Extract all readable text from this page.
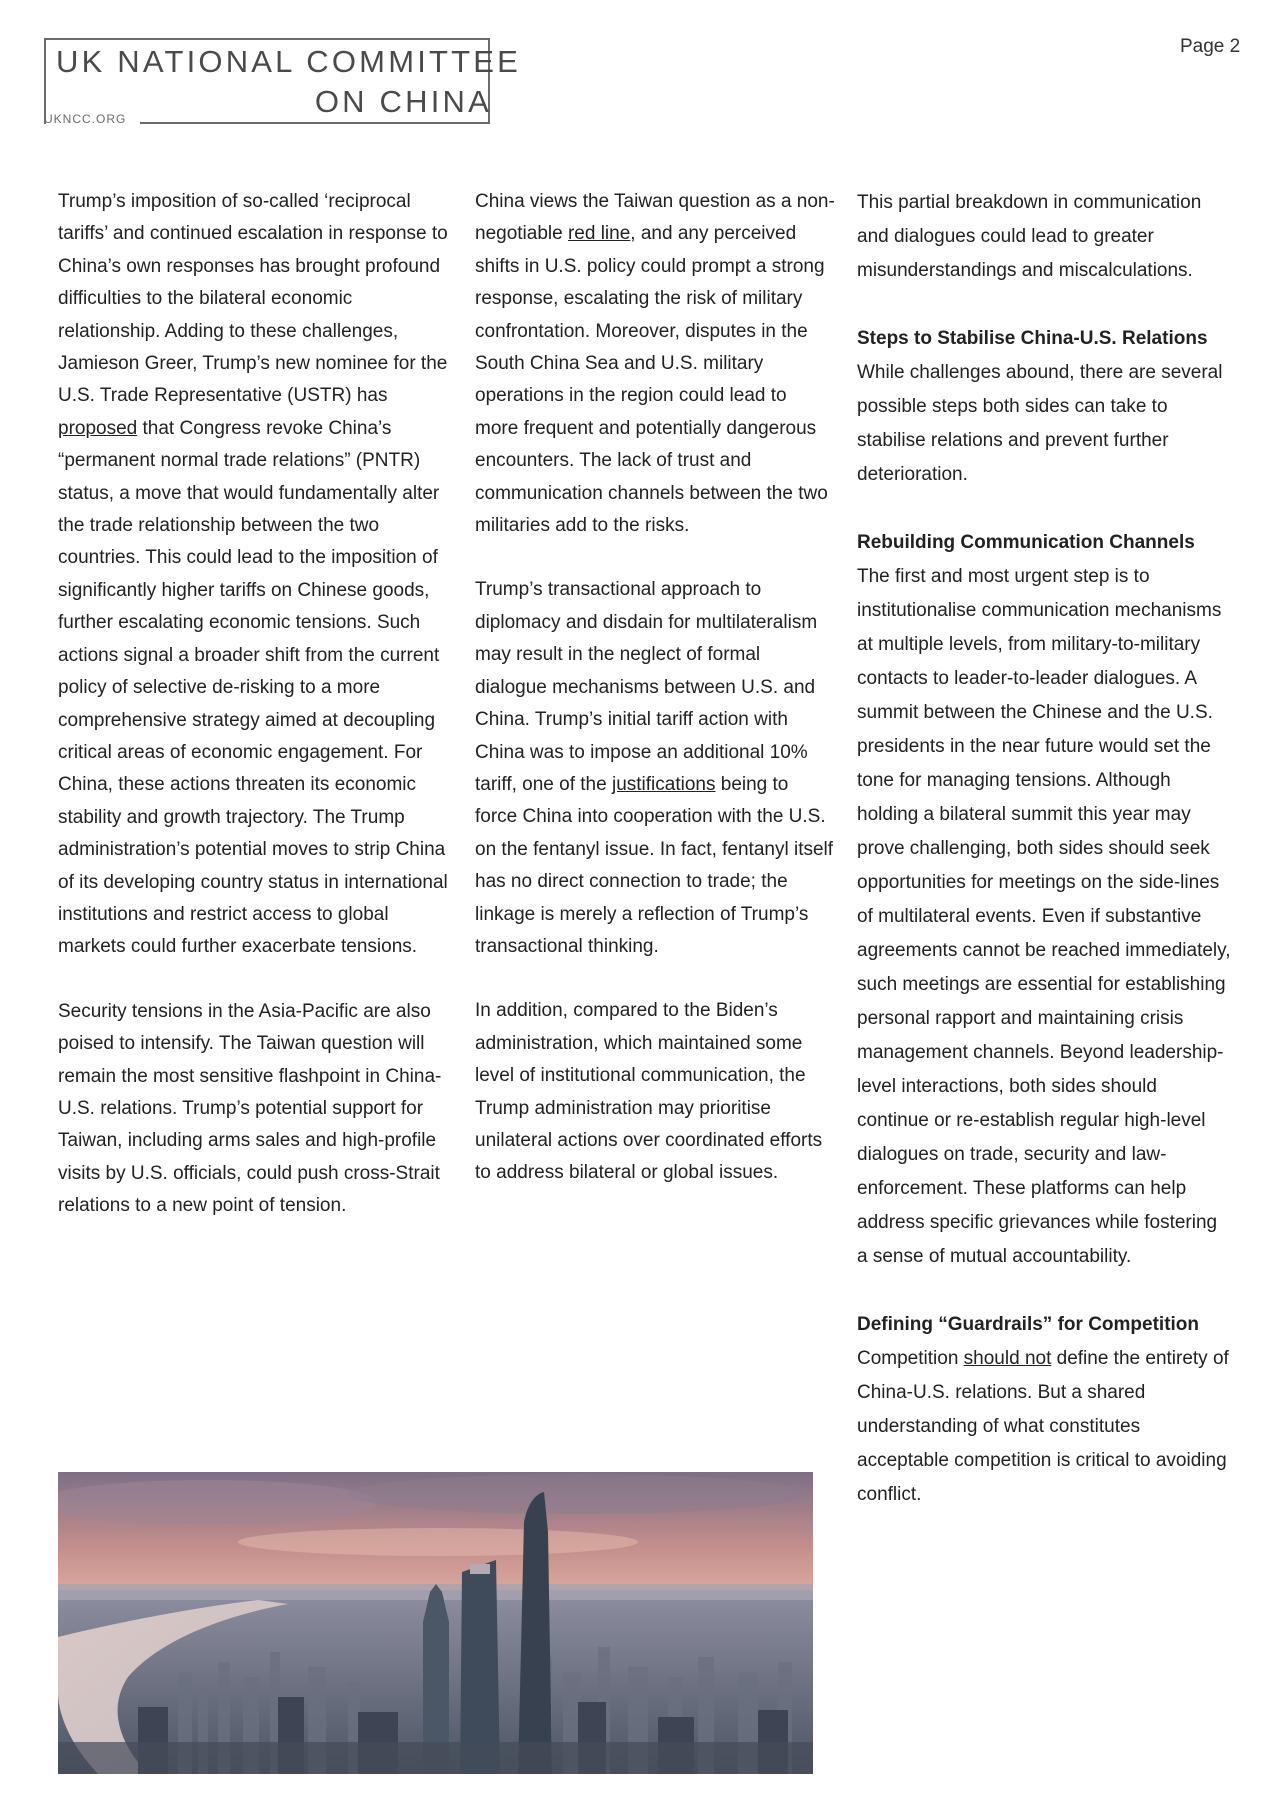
UK NATIONAL COMMITTEE
ON CHINA
UKNCC.ORG
Page 2

Trump’s imposition of so-called ‘reciprocal tariffs’ and continued escalation in response to China’s own responses has brought profound difficulties to the bilateral economic relationship. Adding to these challenges, Jamieson Greer, Trump’s new nominee for the U.S. Trade Representative (USTR) has proposed that Congress revoke China’s “permanent normal trade relations” (PNTR) status, a move that would fundamentally alter the trade relationship between the two countries. This could lead to the imposition of significantly higher tariffs on Chinese goods, further escalating economic tensions. Such actions signal a broader shift from the current policy of selective de-risking to a more comprehensive strategy aimed at decoupling critical areas of economic engagement. For China, these actions threaten its economic stability and growth trajectory. The Trump administration’s potential moves to strip China of its developing country status in international institutions and restrict access to global markets could further exacerbate tensions.

Security tensions in the Asia-Pacific are also poised to intensify. The Taiwan question will remain the most sensitive flashpoint in China-U.S. relations. Trump’s potential support for Taiwan, including arms sales and high-profile visits by U.S. officials, could push cross-Strait relations to a new point of tension.

China views the Taiwan question as a non-negotiable red line, and any perceived shifts in U.S. policy could prompt a strong response, escalating the risk of military confrontation. Moreover, disputes in the South China Sea and U.S. military operations in the region could lead to more frequent and potentially dangerous encounters. The lack of trust and communication channels between the two militaries add to the risks.

Trump’s transactional approach to diplomacy and disdain for multilateralism may result in the neglect of formal dialogue mechanisms between U.S. and China. Trump’s initial tariff action with China was to impose an additional 10% tariff, one of the justifications being to force China into cooperation with the U.S. on the fentanyl issue. In fact, fentanyl itself has no direct connection to trade; the linkage is merely a reflection of Trump’s transactional thinking.

In addition, compared to the Biden’s administration, which maintained some level of institutional communication, the Trump administration may prioritise unilateral actions over coordinated efforts to address bilateral or global issues.

This partial breakdown in communication and dialogues could lead to greater misunderstandings and miscalculations.

Steps to Stabilise China-U.S. Relations

While challenges abound, there are several possible steps both sides can take to stabilise relations and prevent further deterioration.

Rebuilding Communication Channels

The first and most urgent step is to institutionalise communication mechanisms at multiple levels, from military-to-military contacts to leader-to-leader dialogues. A summit between the Chinese and the U.S. presidents in the near future would set the tone for managing tensions. Although holding a bilateral summit this year may prove challenging, both sides should seek opportunities for meetings on the side-lines of multilateral events. Even if substantive agreements cannot be reached immediately, such meetings are essential for establishing personal rapport and maintaining crisis management channels. Beyond leadership-level interactions, both sides should continue or re-establish regular high-level dialogues on trade, security and law-enforcement. These platforms can help address specific grievances while fostering a sense of mutual accountability.

Defining “Guardrails” for Competition

Competition should not define the entirety of China-U.S. relations. But a shared understanding of what constitutes acceptable competition is critical to avoiding conflict.
